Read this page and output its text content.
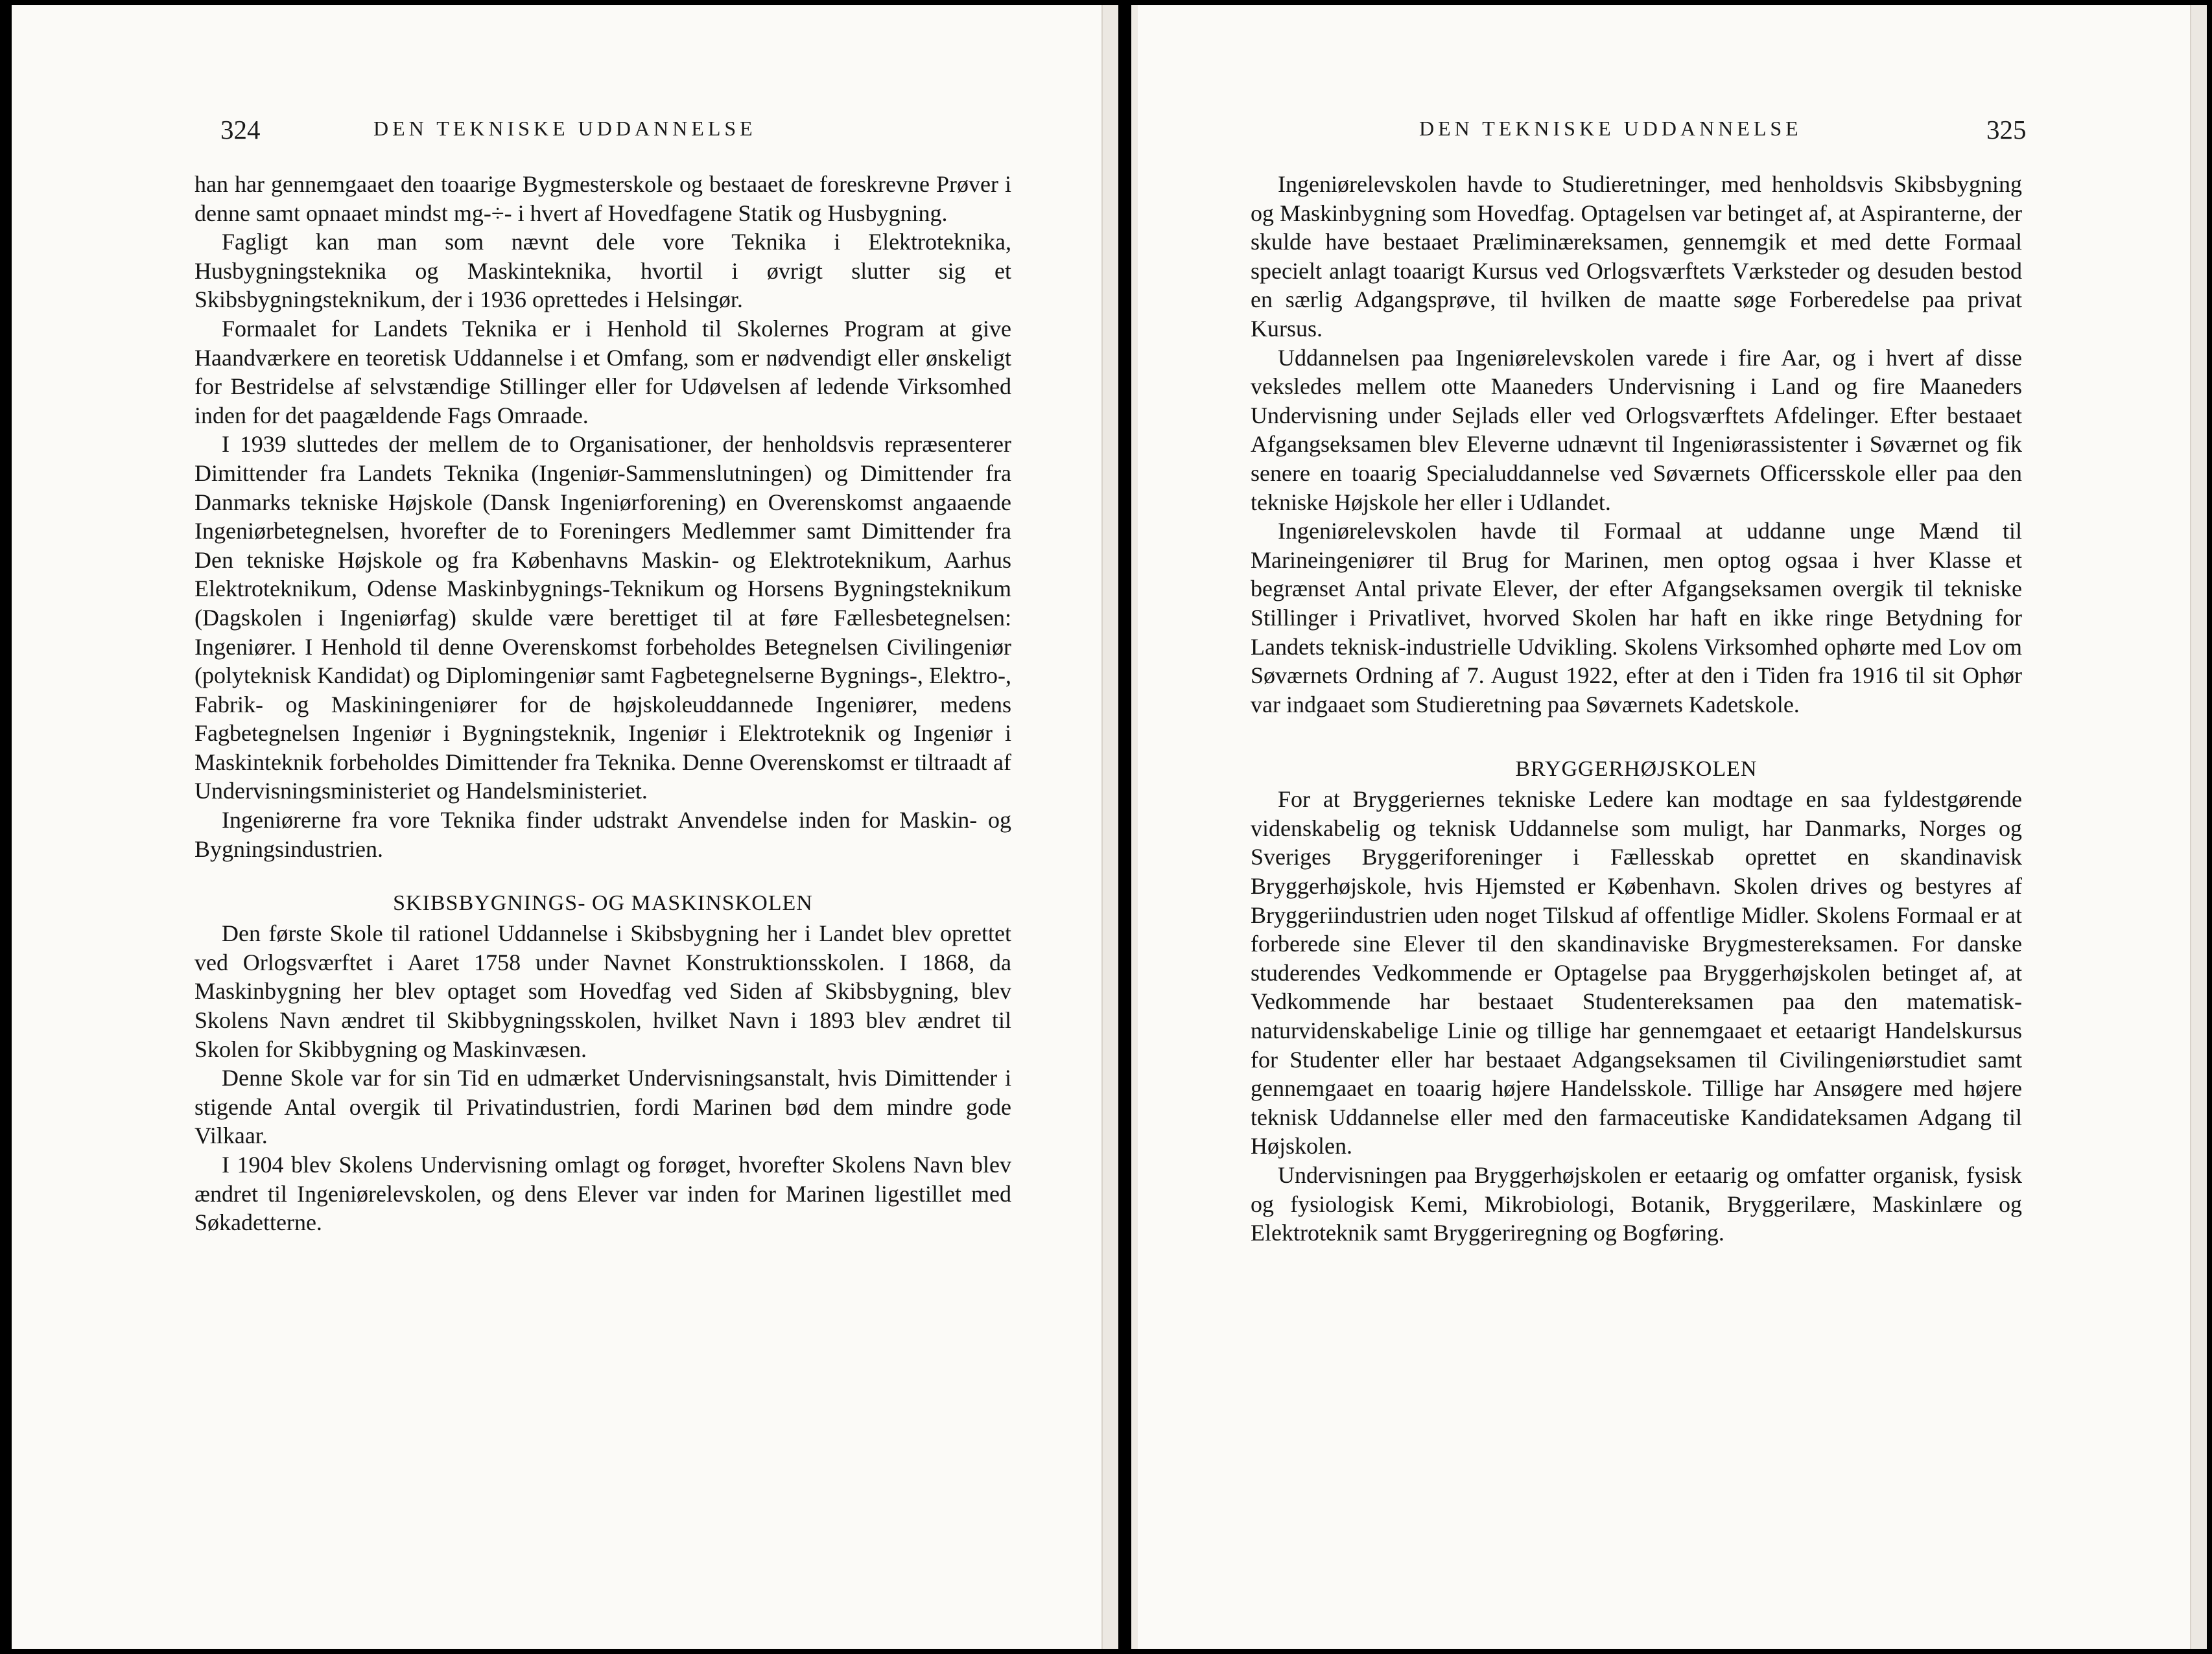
324	DEN TEKNISKE UDDANNELSE	DEN TEKNISKE UDDANNELSE	325

han har gennemgaaet den toaarige Bygmesterskole og bestaaet de foreskrevne Prøver i denne samt opnaaet mindst mg-÷- i hvert af Hovedfagene Statik og Husbygning.

Fagligt kan man som nævnt dele vore Teknika i Elektroteknika, Husbygningsteknika og Maskinteknika, hvortil i øvrigt slutter sig et Skibsbygningsteknikum, der i 1936 oprettedes i Helsingør.

Formaalet for Landets Teknika er i Henhold til Skolernes Program at give Haandværkere en teoretisk Uddannelse i et Omfang, som er nødvendigt eller ønskeligt for Bestridelse af selvstændige Stillinger eller for Udøvelsen af ledende Virksomhed inden for det paagældende Fags Omraade.

I 1939 sluttedes der mellem de to Organisationer, der henholdsvis repræsenterer Dimittender fra Landets Teknika (Ingeniør-Sammenslutningen) og Dimittender fra Danmarks tekniske Højskole (Dansk Ingeniørforening) en Overenskomst angaaende Ingeniørbetegnelsen, hvorefter de to Foreningers Medlemmer samt Dimittender fra Den tekniske Højskole og fra Københavns Maskin- og Elektroteknikum, Aarhus Elektroteknikum, Odense Maskinbygnings-Teknikum og Horsens Bygningsteknikum (Dagskolen i Ingeniørfag) skulde være berettiget til at føre Fællesbetegnelsen: Ingeniører. I Henhold til denne Overenskomst forbeholdes Betegnelsen Civilingeniør (polyteknisk Kandidat) og Diplomingeniør samt Fagbetegnelserne Bygnings-, Elektro-, Fabrik- og Maskiningeniører for de højskoleuddannede Ingeniører, medens Fagbetegnelsen Ingeniør i Bygningsteknik, Ingeniør i Elektroteknik og Ingeniør i Maskinteknik forbeholdes Dimittender fra Teknika. Denne Overenskomst er tiltraadt af Undervisningsministeriet og Handelsministeriet.

Ingeniørerne fra vore Teknika finder udstrakt Anvendelse inden for Maskin- og Bygningsindustrien.

SKIBSBYGNINGS- OG MASKINSKOLEN

Den første Skole til rationel Uddannelse i Skibsbygning her i Landet blev oprettet ved Orlogsværftet i Aaret 1758 under Navnet Konstruktionsskolen. I 1868, da Maskinbygning her blev optaget som Hovedfag ved Siden af Skibsbygning, blev Skolens Navn ændret til Skibbygningsskolen, hvilket Navn i 1893 blev ændret til Skolen for Skibbygning og Maskinvæsen.

Denne Skole var for sin Tid en udmærket Undervisningsanstalt, hvis Dimittender i stigende Antal overgik til Privatindustrien, fordi Marinen bød dem mindre gode Vilkaar.

I 1904 blev Skolens Undervisning omlagt og forøget, hvorefter Skolens Navn blev ændret til Ingeniørelevskolen, og dens Elever var inden for Marinen ligestillet med Søkadetterne.

Ingeniørelevskolen havde to Studieretninger, med henholdsvis Skibsbygning og Maskinbygning som Hovedfag. Optagelsen var betinget af, at Aspiranterne, der skulde have bestaaet Præliminæreksamen, gennemgik et med dette Formaal specielt anlagt toaarigt Kursus ved Orlogsværftets Værksteder og desuden bestod en særlig Adgangsprøve, til hvilken de maatte søge Forberedelse paa privat Kursus.

Uddannelsen paa Ingeniørelevskolen varede i fire Aar, og i hvert af disse veksledes mellem otte Maaneders Undervisning i Land og fire Maaneders Undervisning under Sejlads eller ved Orlogsværftets Afdelinger. Efter bestaaet Afgangseksamen blev Eleverne udnævnt til Ingeniørassistenter i Søværnet og fik senere en toaarig Specialuddannelse ved Søværnets Officersskole eller paa den tekniske Højskole her eller i Udlandet.

Ingeniørelevskolen havde til Formaal at uddanne unge Mænd til Marineingeniører til Brug for Marinen, men optog ogsaa i hver Klasse et begrænset Antal private Elever, der efter Afgangseksamen overgik til tekniske Stillinger i Privatlivet, hvorved Skolen har haft en ikke ringe Betydning for Landets teknisk-industrielle Udvikling. Skolens Virksomhed ophørte med Lov om Søværnets Ordning af 7. August 1922, efter at den i Tiden fra 1916 til sit Ophør var indgaaet som Studieretning paa Søværnets Kadetskole.

BRYGGERHØJSKOLEN

For at Bryggeriernes tekniske Ledere kan modtage en saa fyldestgørende videnskabelig og teknisk Uddannelse som muligt, har Danmarks, Norges og Sveriges Bryggeriforeninger i Fællesskab oprettet en skandinavisk Bryggerhøjskole, hvis Hjemsted er København. Skolen drives og bestyres af Bryggeriindustrien uden noget Tilskud af offentlige Midler. Skolens Formaal er at forberede sine Elever til den skandinaviske Brygmestereksamen. For danske studerendes Vedkommende er Optagelse paa Bryggerhøjskolen betinget af, at Vedkommende har bestaaet Studentereksamen paa den matematisk-naturvidenskabelige Linie og tillige har gennemgaaet et eetaarigt Handelskursus for Studenter eller har bestaaet Adgangseksamen til Civilingeniørstudiet samt gennemgaaet en toaarig højere Handelsskole. Tillige har Ansøgere med højere teknisk Uddannelse eller med den farmaceutiske Kandidateksamen Adgang til Højskolen.

Undervisningen paa Bryggerhøjskolen er eetaarig og omfatter organisk, fysisk og fysiologisk Kemi, Mikrobiologi, Botanik, Bryggerilære, Maskinlære og Elektroteknik samt Bryggeriregning og Bogføring.
